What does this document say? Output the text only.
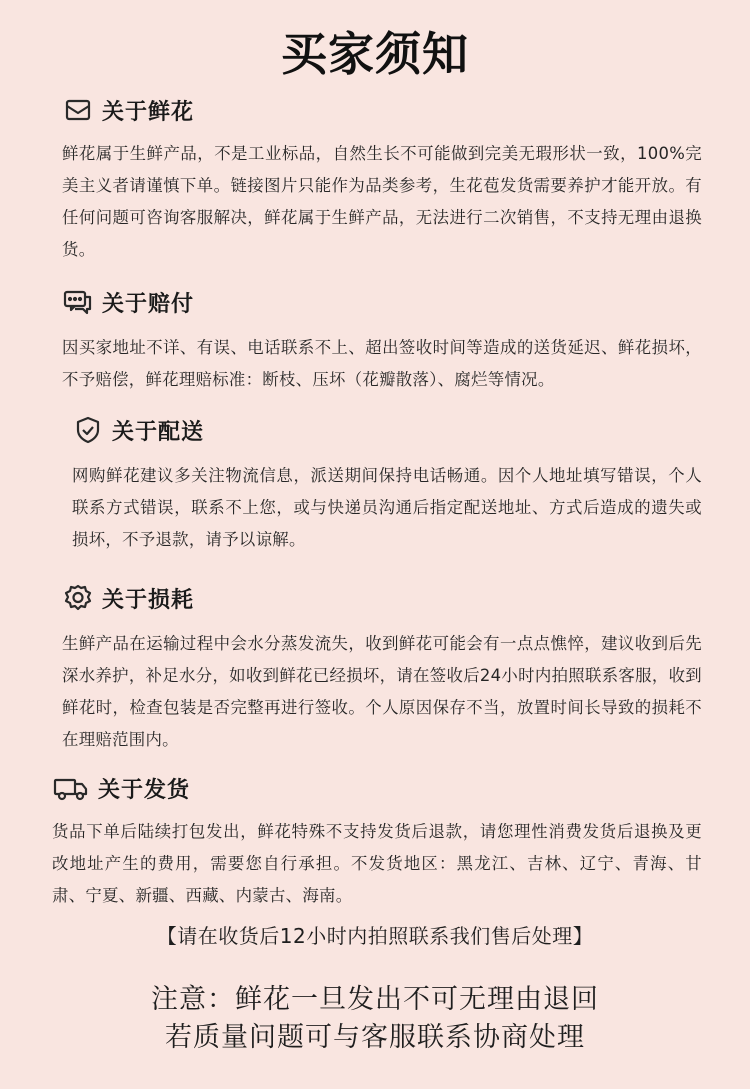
买家须知
关于鲜花
鲜花属于生鲜产品，不是工业标品，自然生长不可能做到完美无瑕形状一致，100%完美主义者请谨慎下单。链接图片只能作为品类参考，生花苞发货需要养护才能开放。有任何问题可咨询客服解决，鲜花属于生鲜产品，无法进行二次销售，不支持无理由退换货。
关于赔付
因买家地址不详、有误、电话联系不上、超出签收时间等造成的送货延迟、鲜花损坏，不予赔偿，鲜花理赔标准：断枝、压坏（花瓣散落）、腐烂等情况。
关于配送
网购鲜花建议多关注物流信息，派送期间保持电话畅通。因个人地址填写错误，个人联系方式错误，联系不上您，或与快递员沟通后指定配送地址、方式后造成的遗失或损坏，不予退款，请予以谅解。
关于损耗
生鲜产品在运输过程中会水分蒸发流失，收到鲜花可能会有一点点憔悴，建议收到后先深水养护，补足水分，如收到鲜花已经损坏，请在签收后24小时内拍照联系客服，收到鲜花时，检查包装是否完整再进行签收。个人原因保存不当，放置时间长导致的损耗不在理赔范围内。
关于发货
货品下单后陆续打包发出，鲜花特殊不支持发货后退款，请您理性消费发货后退换及更改地址产生的费用，需要您自行承担。不发货地区：黑龙江、吉林、辽宁、青海、甘肃、宁夏、新疆、西藏、内蒙古、海南。
【请在收货后12小时内拍照联系我们售后处理】
注意：鲜花一旦发出不可无理由退回
若质量问题可与客服联系协商处理
